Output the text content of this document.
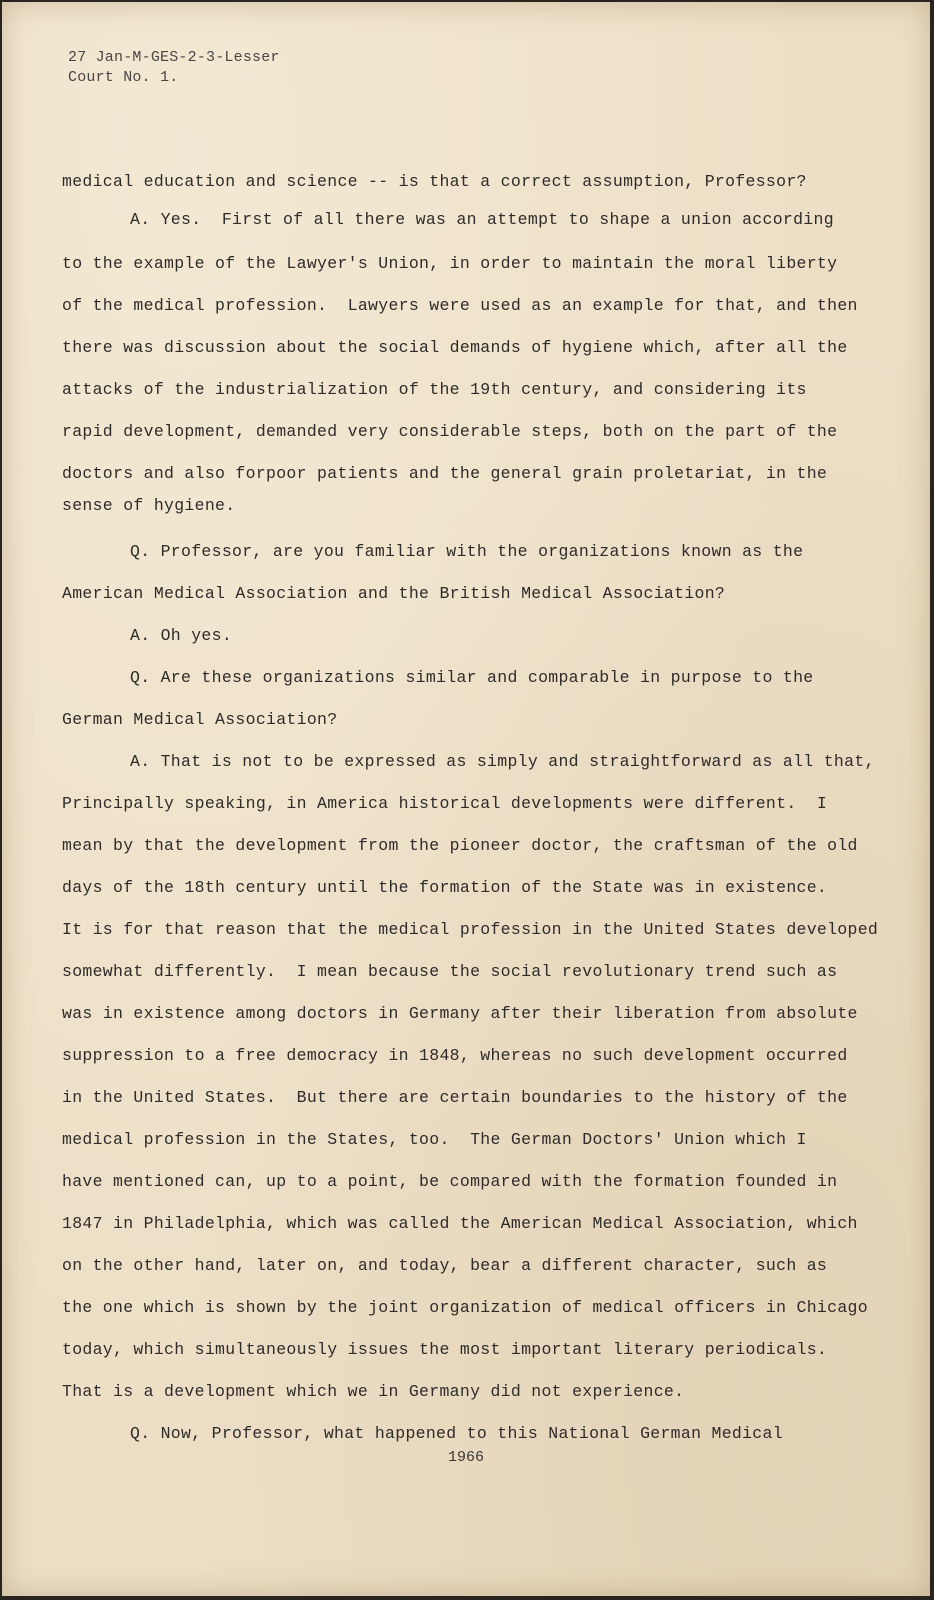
27 Jan-M-GES-2-3-Lesser
Court No. 1.
medical education and science -- is that a correct assumption, Professor?
A. Yes.  First of all there was an attempt to shape a union according
to the example of the Lawyer's Union, in order to maintain the moral liberty
of the medical profession.  Lawyers were used as an example for that, and then
there was discussion about the social demands of hygiene which, after all the
attacks of the industrialization of the 19th century, and considering its
rapid development, demanded very considerable steps, both on the part of the
doctors and also forpoor patients and the general grain proletariat, in the
sense of hygiene.
Q. Professor, are you familiar with the organizations known as the
American Medical Association and the British Medical Association?
A. Oh yes.
Q. Are these organizations similar and comparable in purpose to the
German Medical Association?
A. That is not to be expressed as simply and straightforward as all that,
Principally speaking, in America historical developments were different.  I
mean by that the development from the pioneer doctor, the craftsman of the old
days of the 18th century until the formation of the State was in existence.
It is for that reason that the medical profession in the United States developed
somewhat differently.  I mean because the social revolutionary trend such as
was in existence among doctors in Germany after their liberation from absolute
suppression to a free democracy in 1848, whereas no such development occurred
in the United States.  But there are certain boundaries to the history of the
medical profession in the States, too.  The German Doctors' Union which I
have mentioned can, up to a point, be compared with the formation founded in
1847 in Philadelphia, which was called the American Medical Association, which
on the other hand, later on, and today, bear a different character, such as
the one which is shown by the joint organization of medical officers in Chicago
today, which simultaneously issues the most important literary periodicals.
That is a development which we in Germany did not experience.
Q. Now, Professor, what happened to this National German Medical
1966
